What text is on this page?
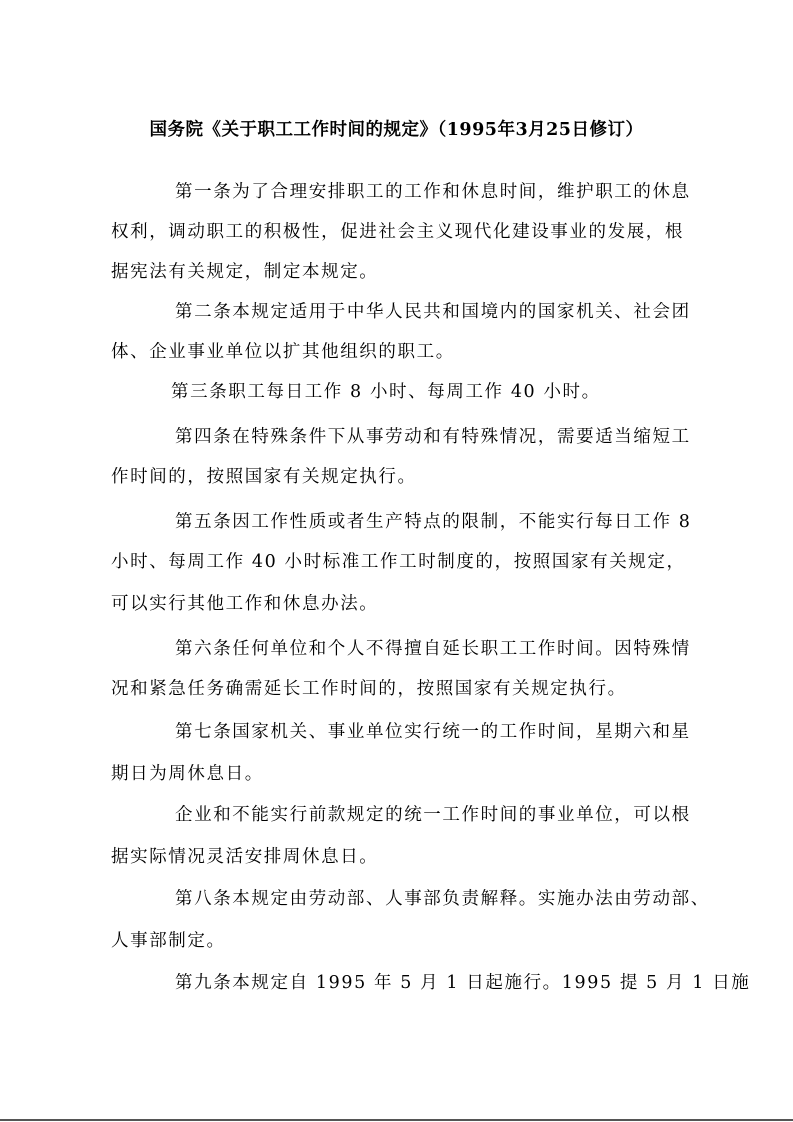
国务院《关于职工工作时间的规定》（1995年3月25日修订）
第一条为了合理安排职工的工作和休息时间，维护职工的休息
权利，调动职工的积极性，促进社会主义现代化建设事业的发展，根
据宪法有关规定，制定本规定。
第二条本规定适用于中华人民共和国境内的国家机关、社会团
体、企业事业单位以扩其他组织的职工。
第三条职工每日工作 8 小时、每周工作 40 小时。
第四条在特殊条件下从事劳动和有特殊情况，需要适当缩短工
作时间的，按照国家有关规定执行。
第五条因工作性质或者生产特点的限制，不能实行每日工作 8
小时、每周工作 40 小时标准工作工时制度的，按照国家有关规定，
可以实行其他工作和休息办法。
第六条任何单位和个人不得擅自延长职工工作时间。因特殊情
况和紧急任务确需延长工作时间的，按照国家有关规定执行。
第七条国家机关、事业单位实行统一的工作时间，星期六和星
期日为周休息日。
企业和不能实行前款规定的统一工作时间的事业单位，可以根
据实际情况灵活安排周休息日。
第八条本规定由劳动部、人事部负责解释。实施办法由劳动部、
人事部制定。
第九条本规定自 1995 年 5 月 1 日起施行。1995 提 5 月 1 日施
